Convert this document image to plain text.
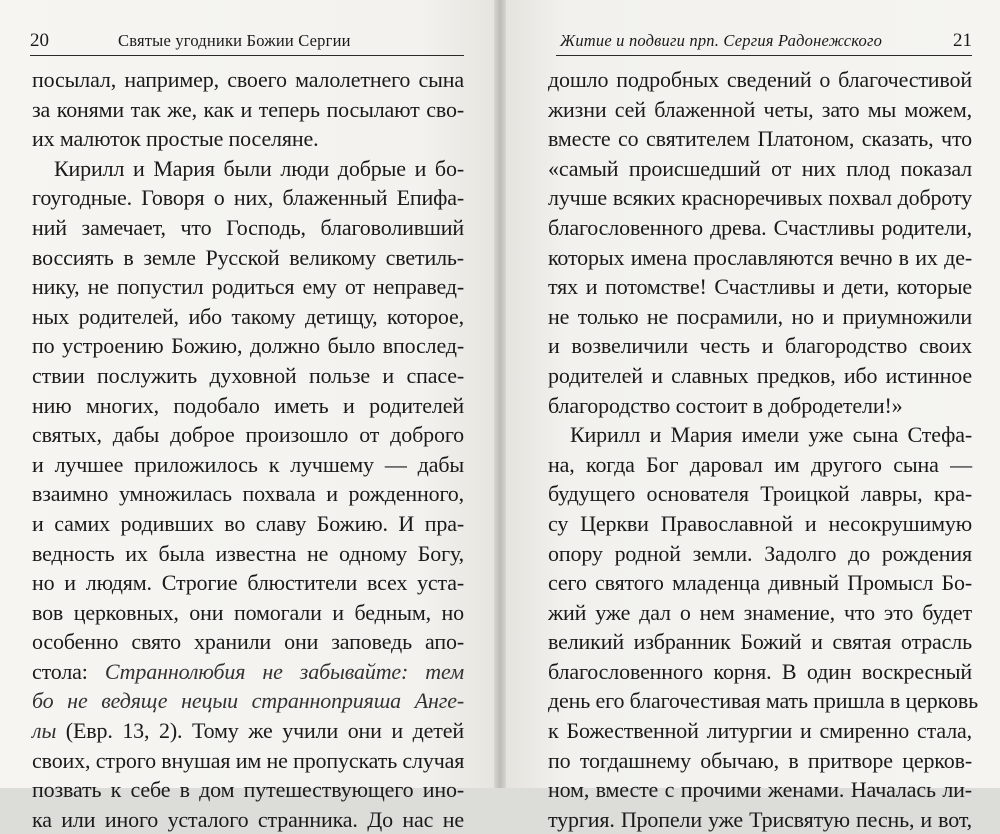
20	Святые угодники Божии Сергии
посылал, например, своего малолетнего сына
за конями так же, как и теперь посылают сво-
их малюток простые поселяне.
Кирилл и Мария были люди добрые и бо-
гоугодные. Говоря о них, блаженный Епифа-
ний замечает, что Господь, благоволивший
воссиять в земле Русской великому светиль-
нику, не попустил родиться ему от неправед-
ных родителей, ибо такому детищу, которое,
по устроению Божию, должно было впослед-
ствии послужить духовной пользе и спасе-
нию многих, подобало иметь и родителей
святых, дабы доброе произошло от доброго
и лучшее приложилось к лучшему — дабы
взаимно умножилась похвала и рожденного,
и самих родивших во славу Божию. И пра-
ведность их была известна не одному Богу,
но и людям. Строгие блюстители всех уста-
вов церковных, они помогали и бедным, но
особенно свято хранили они заповедь апо-
стола: Страннолюбия не забывайте: тем
бо не ведяще нецыи странноприяша Анге-
лы (Евр. 13, 2). Тому же учили они и детей
своих, строго внушая им не пропускать случая
позвать к себе в дом путешествующего ино-
ка или иного усталого странника. До нас не
Житие и подвиги прп. Сергия Радонежского	21
дошло подробных сведений о благочестивой
жизни сей блаженной четы, зато мы можем,
вместе со святителем Платоном, сказать, что
«самый происшедший от них плод показал
лучше всяких красноречивых похвал доброту
благословенного древа. Счастливы родители,
которых имена прославляются вечно в их де-
тях и потомстве! Счастливы и дети, которые
не только не посрамили, но и приумножили
и возвеличили честь и благородство своих
родителей и славных предков, ибо истинное
благородство состоит в добродетели!»
Кирилл и Мария имели уже сына Стефа-
на, когда Бог даровал им другого сына —
будущего основателя Троицкой лавры, кра-
су Церкви Православной и несокрушимую
опору родной земли. Задолго до рождения
сего святого младенца дивный Промысл Бо-
жий уже дал о нем знамение, что это будет
великий избранник Божий и святая отрасль
благословенного корня. В один воскресный
день его благочестивая мать пришла в церковь
к Божественной литургии и смиренно стала,
по тогдашнему обычаю, в притворе церков-
ном, вместе с прочими женами. Началась ли-
тургия. Пропели уже Трисвятую песнь, и вот,
